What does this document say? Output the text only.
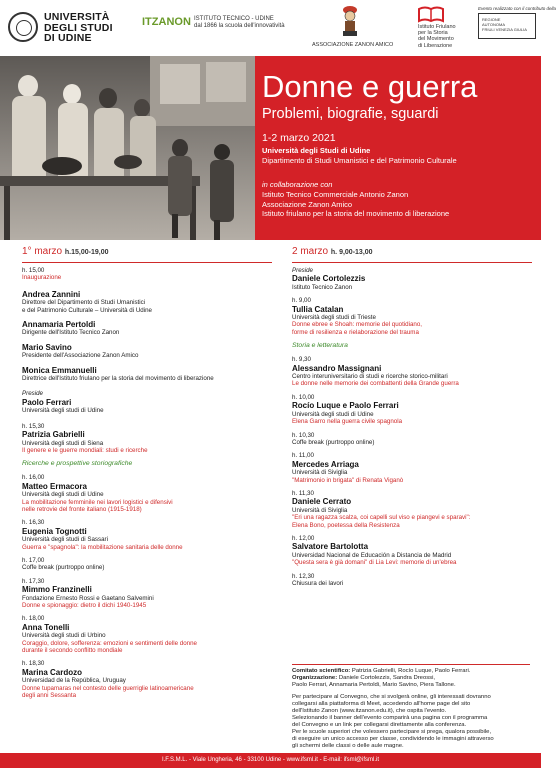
UNIVERSITÀ
DEGLI STUDI
DI UDINE
ITZANON ISTITUTO TECNICO - UDINE
dal 1866 la scuola dell'innovatività
ASSOCIAZIONE ZANON AMICO
Istituto Friulano
per la Storia
del Movimento
di Liberazione
Evento realizzato con il contributo della
REGIONE
AUTONOMA
FRIULI VENEZIA GIULIA
Donne e guerra
Problemi, biografie, sguardi
1-2 marzo 2021
Università degli Studi di Udine
Dipartimento di Studi Umanistici e del Patrimonio Culturale
in collaborazione con
Istituto Tecnico Commerciale Antonio Zanon
Associazione Zanon Amico
Istituto friulano per la storia del movimento di liberazione
1° marzo h.15,00-19,00
h. 15,00
Inaugurazione
Andrea Zannini
Direttore del Dipartimento di Studi Umanistici
e del Patrimonio Culturale – Università di Udine
Annamaria Pertoldi
Dirigente dell'Istituto Tecnico Zanon
Mario Savino
Presidente dell'Associazione Zanon Amico
Monica Emmanuelli
Direttrice dell'Istituto friulano per la storia del movimento di liberazione
Preside
Paolo Ferrari
Università degli studi di Udine
h. 15,30
Patrizia Gabrielli
Università degli studi di Siena
Il genere e le guerre mondiali: studi e ricerche
Ricerche e prospettive storiografiche
h. 16,00
Matteo Ermacora
Università degli studi di Udine
La mobilitazione femminile nei lavori logistici e difensivi
nelle retrovie del fronte italiano (1915-1918)
h. 16,30
Eugenia Tognotti
Università degli studi di Sassari
Guerra e "spagnola": la mobilitazione sanitaria delle donne
h. 17,00
Coffe break (purtroppo online)
h. 17,30
Mimmo Franzinelli
Fondazione Ernesto Rossi e Gaetano Salvemini
Donne e spionaggio: dietro il dichi 1940-1945
h. 18,00
Anna Tonelli
Università degli studi di Urbino
Coraggio, dolore, sofferenza: emozioni e sentimenti delle donne
durante il secondo conflitto mondiale
h. 18,30
Marina Cardozo
Universidad de la República, Uruguay
Donne tupamaras nel contesto delle guerriglie latinoamericane
degli anni Sessanta
2 marzo h. 9,00-13,00
Preside
Daniele Cortolezzis
Istituto Tecnico Zanon
h. 9,00
Tullia Catalan
Università degli studi di Trieste
Donne ebree e Shoah: memorie del quotidiano,
forme di resilienza e rielaborazione del trauma
Storia e letteratura
h. 9,30
Alessandro Massignani
Centro interuniversitario di studi e ricerche storico-militari
Le donne nelle memorie dei combattenti della Grande guerra
h. 10,00
Rocío Luque e Paolo Ferrari
Università degli studi di Udine
Elena Garro nella guerra civile spagnola
h. 10,30
Coffe break (purtroppo online)
h. 11,00
Mercedes Arriaga
Università di Siviglia
"Matrimonio in brigata" di Renata Viganò
h. 11,30
Daniele Cerrato
Università di Siviglia
"Eri una ragazza scalza, coi capelli sul viso e piangevi e sparavi":
Elena Bono, poetessa della Resistenza
h. 12,00
Salvatore Bartolotta
Universidad Nacional de Educación a Distancia de Madrid
"Questa sera è già domani" di Lia Levi: memorie di un'ebrea
h. 12,30
Chiusura dei lavori
Comitato scientifico: Patrizia Gabrielli, Rocío Luque, Paolo Ferrari.
Organizzazione: Daniele Cortolezzis, Sandra Dreossi,
Paolo Ferrari, Annamaria Pertoldi, Mario Savino, Piera Tallone.
Per partecipare al Convegno, che si svolgerà online, gli interessati dovranno
collegarsi alla piattaforma di Meet, accedendo all'home page del sito
dell'Istituto Zanon (www.itzanon.edu.it), che ospita l'evento.
Selezionando il banner dell'evento comparirà una pagina con il programma
del Convegno e un link per collegarsi direttamente alla conferenza.
Per le scuole superiori che volessero partecipare si prega, qualora possibile,
di eseguire un unico accesso per classe, condividendo le immagini attraverso
gli schermi delle classi o delle aule magne.
I.F.S.M.L. - Viale Ungheria, 46 - 33100 Udine - www.ifsml.it - E-mail: ifsml@ifsml.it
